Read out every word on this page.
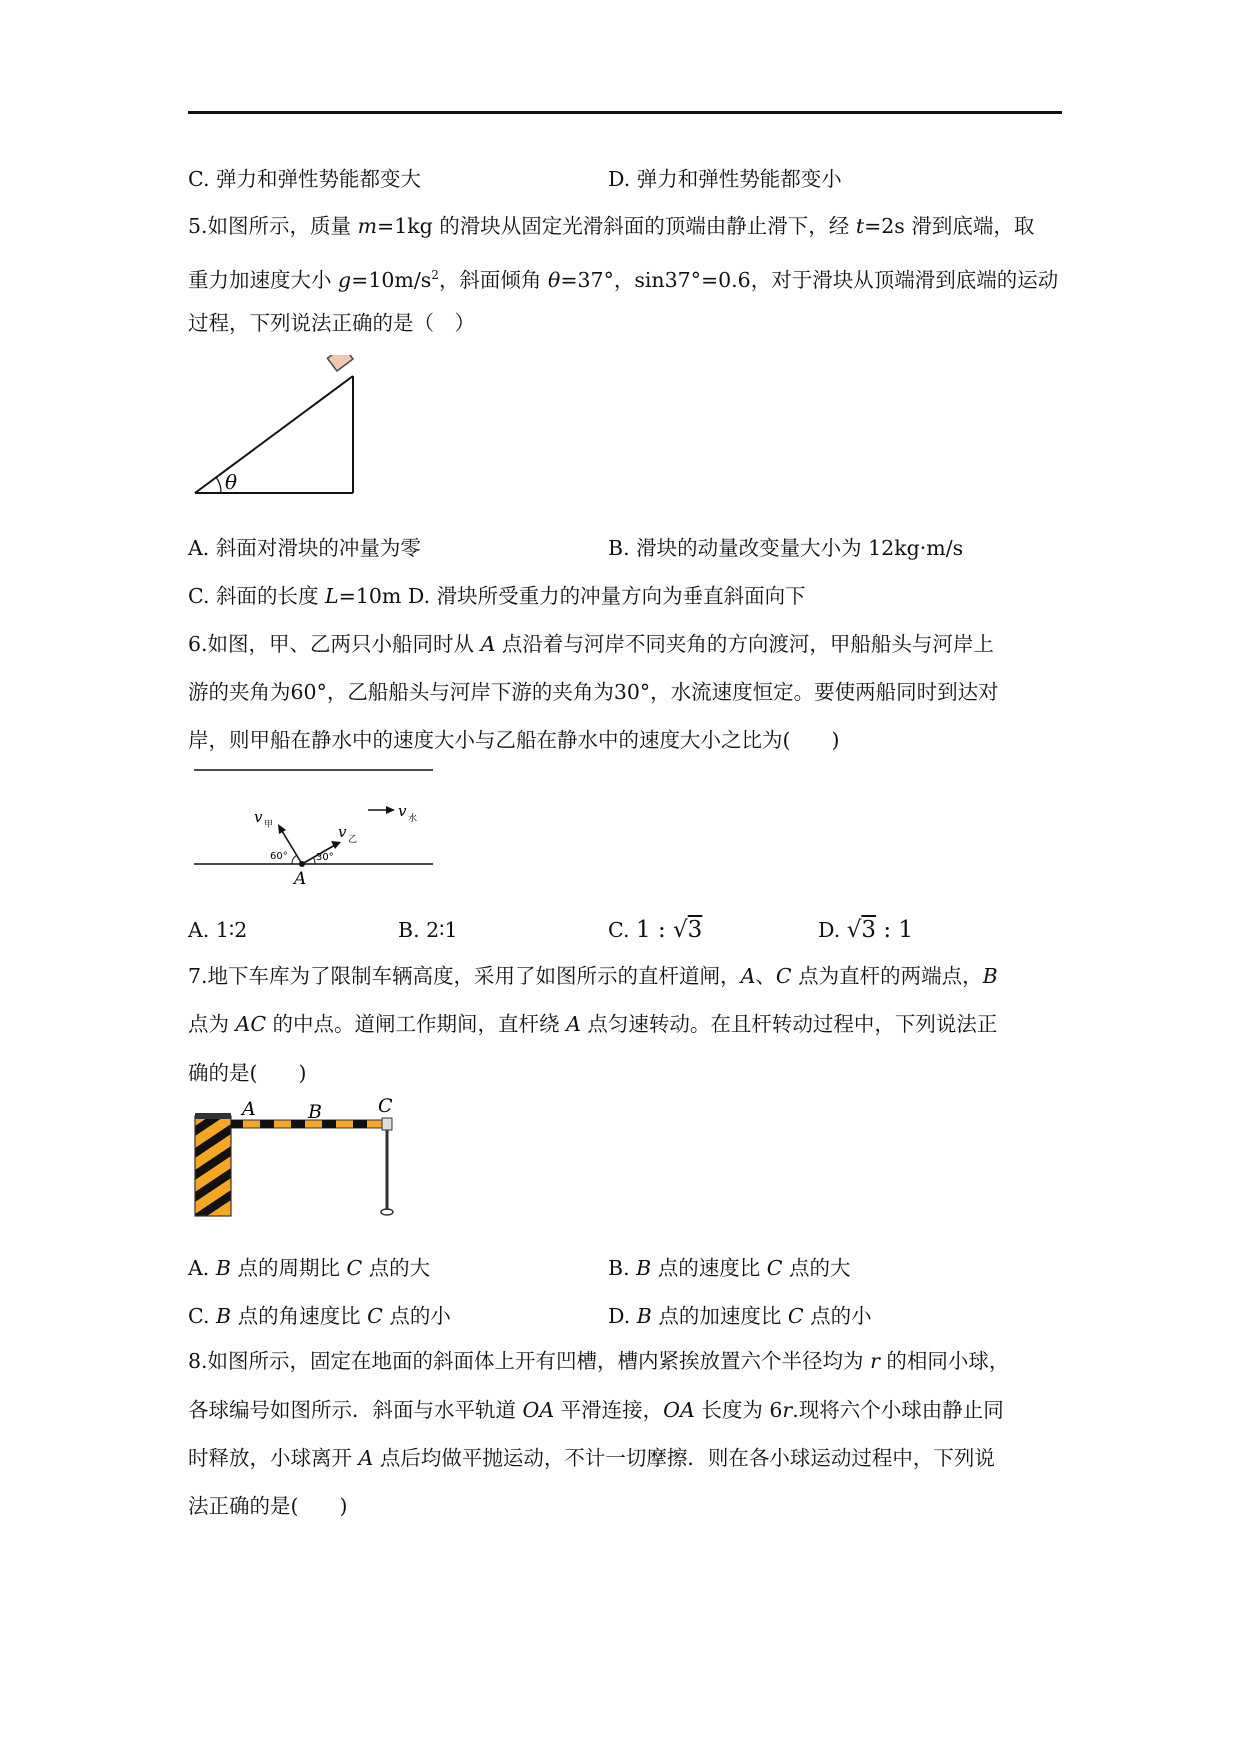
C. 弹力和弹性势能都变大	D. 弹力和弹性势能都变小
5.如图所示，质量 m=1kg 的滑块从固定光滑斜面的顶端由静止滑下，经 t=2s 滑到底端，取
重力加速度大小 $g=10m/s^2$，斜面倾角 θ=37°，sin37°=0.6，对于滑块从顶端滑到底端的运动
过程，下列说法正确的是（　）
θ
A. 斜面对滑块的冲量为零	B. 滑块的动量改变量大小为 12kg·m/s
C. 斜面的长度 L=10m D. 滑块所受重力的冲量方向为垂直斜面向下
6.如图，甲、乙两只小船同时从 A 点沿着与河岸不同夹角的方向渡河，甲船船头与河岸上
游的夹角为60°，乙船船头与河岸下游的夹角为30°，水流速度恒定。要使两船同时到达对
岸，则甲船在静水中的速度大小与乙船在静水中的速度大小之比为(　　)
v 甲	v 乙
v 水
60°	30°
A
A. 1∶2	B. 2∶1	C. 1 : √3	D. √3 : 1
7.地下车库为了限制车辆高度，采用了如图所示的直杆道闸，A、C 点为直杆的两端点，B
点为 AC 的中点。道闸工作期间，直杆绕 A 点匀速转动。在且杆转动过程中，下列说法正
确的是(　　)
A	B	C
A. B 点的周期比 C 点的大	B. B 点的速度比 C 点的大
C. B 点的角速度比 C 点的小	D. B 点的加速度比 C 点的小
8.如图所示，固定在地面的斜面体上开有凹槽，槽内紧挨放置六个半径均为 r 的相同小球，
各球编号如图所示．斜面与水平轨道 OA 平滑连接，OA 长度为 6r.现将六个小球由静止同
时释放，小球离开 A 点后均做平抛运动，不计一切摩擦．则在各小球运动过程中，下列说
法正确的是(　　)
